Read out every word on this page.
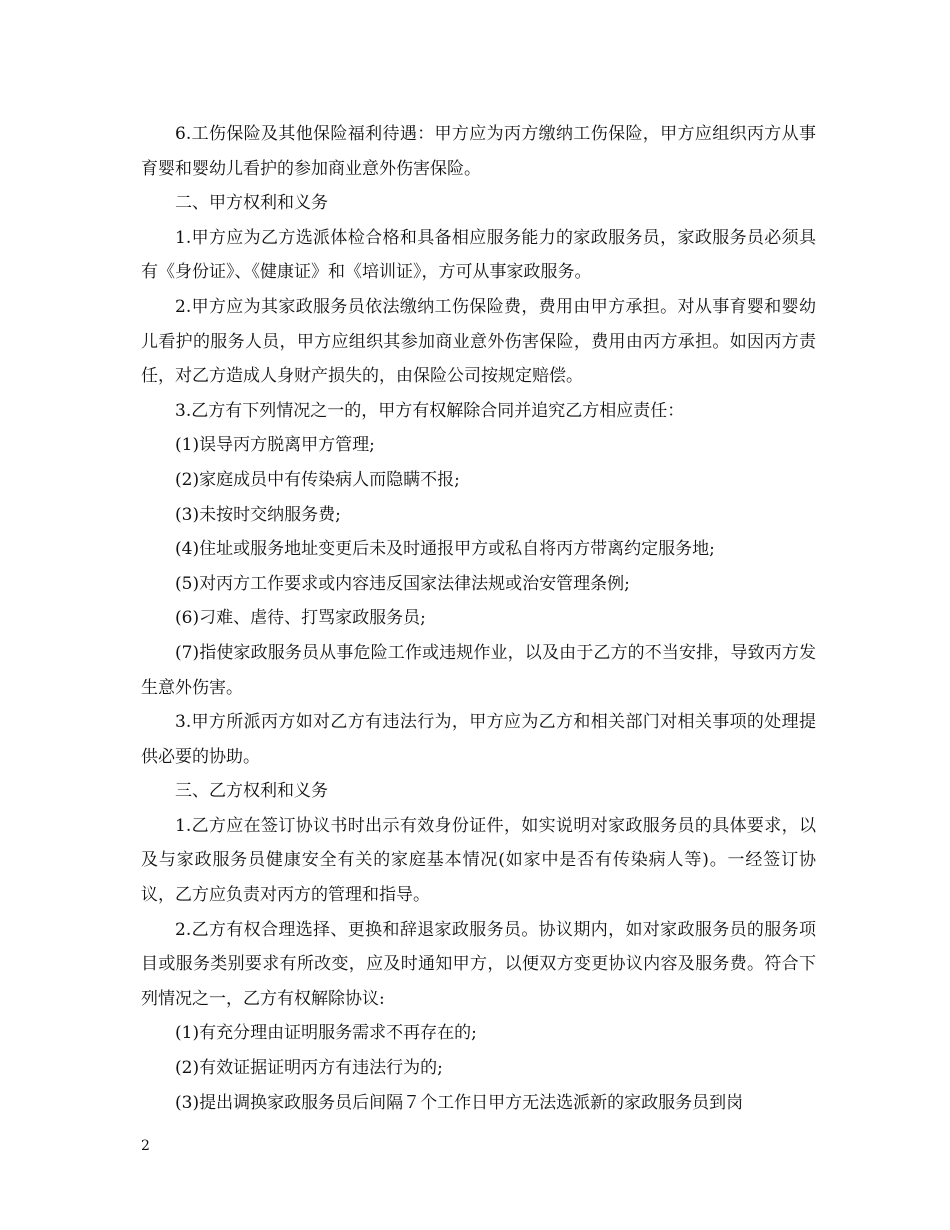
6.工伤保险及其他保险福利待遇：甲方应为丙方缴纳工伤保险，甲方应组织丙方从事育婴和婴幼儿看护的参加商业意外伤害保险。

二、甲方权利和义务

1.甲方应为乙方选派体检合格和具备相应服务能力的家政服务员，家政服务员必须具有《身份证》、《健康证》和《培训证》，方可从事家政服务。

2.甲方应为其家政服务员依法缴纳工伤保险费，费用由甲方承担。对从事育婴和婴幼儿看护的服务人员，甲方应组织其参加商业意外伤害保险，费用由丙方承担。如因丙方责任，对乙方造成人身财产损失的，由保险公司按规定赔偿。

3.乙方有下列情况之一的，甲方有权解除合同并追究乙方相应责任：

(1)误导丙方脱离甲方管理;

(2)家庭成员中有传染病人而隐瞒不报;

(3)未按时交纳服务费;

(4)住址或服务地址变更后未及时通报甲方或私自将丙方带离约定服务地;

(5)对丙方工作要求或内容违反国家法律法规或治安管理条例;

(6)刁难、虐待、打骂家政服务员;

(7)指使家政服务员从事危险工作或违规作业，以及由于乙方的不当安排，导致丙方发生意外伤害。

3.甲方所派丙方如对乙方有违法行为，甲方应为乙方和相关部门对相关事项的处理提供必要的协助。

三、乙方权利和义务

1.乙方应在签订协议书时出示有效身份证件，如实说明对家政服务员的具体要求，以及与家政服务员健康安全有关的家庭基本情况(如家中是否有传染病人等)。一经签订协议，乙方应负责对丙方的管理和指导。

2.乙方有权合理选择、更换和辞退家政服务员。协议期内，如对家政服务员的服务项目或服务类别要求有所改变，应及时通知甲方，以便双方变更协议内容及服务费。符合下列情况之一，乙方有权解除协议:

(1)有充分理由证明服务需求不再存在的;

(2)有效证据证明丙方有违法行为的;

(3)提出调换家政服务员后间隔７个工作日甲方无法选派新的家政服务员到岗

2
